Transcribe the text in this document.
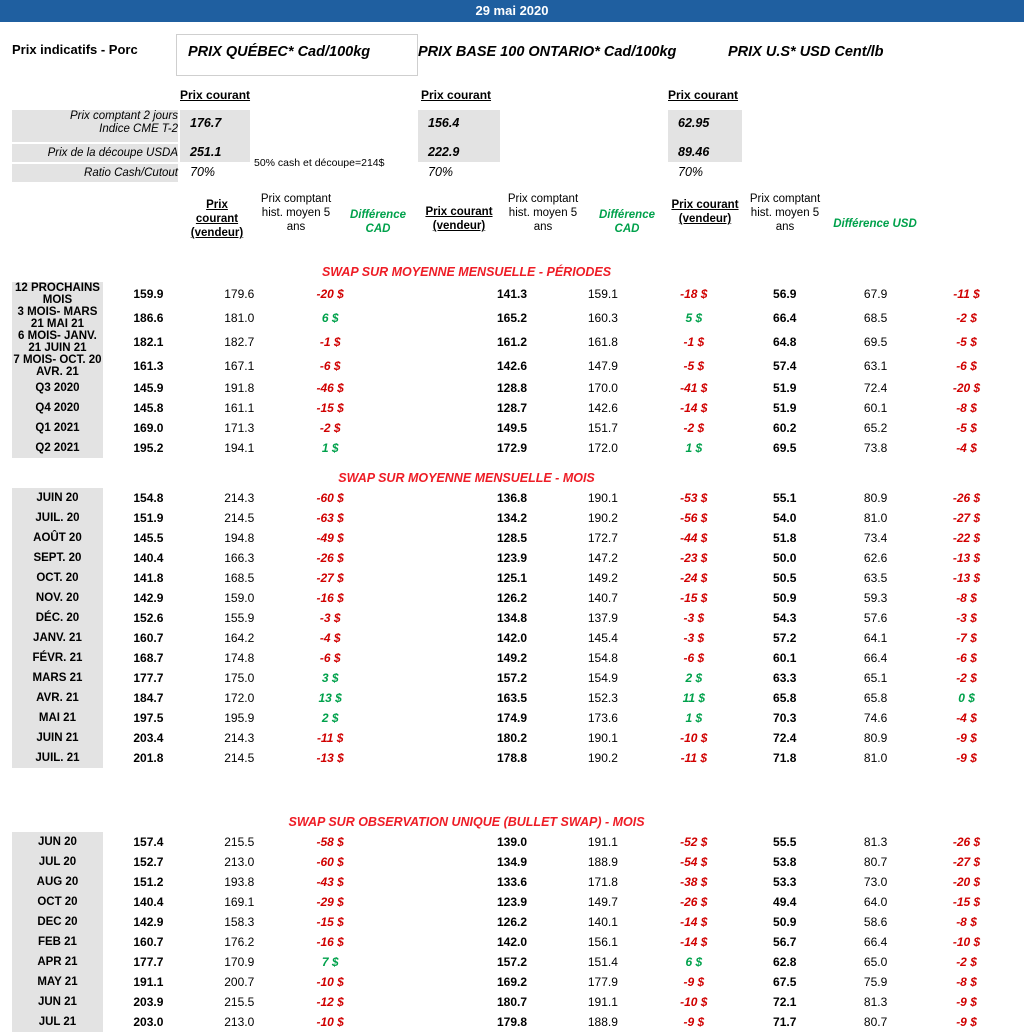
29 mai 2020
Prix indicatifs - Porc	PRIX QUÉBEC* Cad/100kg	PRIX BASE 100 ONTARIO* Cad/100kg	PRIX U.S* USD Cent/lb
Prix courant	Prix courant	Prix courant
Prix comptant 2 jours
Indice CME T-2 176.7	156.4	62.95
Prix de la découpe USDA 251.1	222.9	89.46
Ratio Cash/Cutout 70%	70%	70%
50% cash et découpe=214$
Prix courant (vendeur)
Prix comptant hist. moyen 5 ans
Différence CAD
Prix courant (vendeur)
Prix comptant hist. moyen 5 ans
Différence CAD
Prix courant (vendeur)
Prix comptant hist. moyen 5 ans	Différence USD
SWAP SUR MOYENNE MENSUELLE - PÉRIODES										
12 PROCHAINS MOIS	159.9	179.6	-20 $		141.3	159.1	-18 $	56.9	67.9	-11 $
3 MOIS- MARS 21 MAI 21	186.6	181.0	6 $		165.2	160.3	5 $	66.4	68.5	-2 $
6 MOIS- JANV. 21 JUIN 21	182.1	182.7	-1 $		161.2	161.8	-1 $	64.8	69.5	-5 $
7 MOIS- OCT. 20 AVR. 21	161.3	167.1	-6 $		142.6	147.9	-5 $	57.4	63.1	-6 $
Q3 2020	145.9	191.8	-46 $		128.8	170.0	-41 $	51.9	72.4	-20 $
Q4 2020	145.8	161.1	-15 $		128.7	142.6	-14 $	51.9	60.1	-8 $
Q1 2021	169.0	171.3	-2 $		149.5	151.7	-2 $	60.2	65.2	-5 $
Q2 2021	195.2	194.1	1 $		172.9	172.0	1 $	69.5	73.8	-4 $

SWAP SUR MOYENNE MENSUELLE - MOIS										
JUIN 20	154.8	214.3	-60 $		136.8	190.1	-53 $	55.1	80.9	-26 $
JUIL. 20	151.9	214.5	-63 $		134.2	190.2	-56 $	54.0	81.0	-27 $
AOÛT 20	145.5	194.8	-49 $		128.5	172.7	-44 $	51.8	73.4	-22 $
SEPT. 20	140.4	166.3	-26 $		123.9	147.2	-23 $	50.0	62.6	-13 $
OCT. 20	141.8	168.5	-27 $		125.1	149.2	-24 $	50.5	63.5	-13 $
NOV. 20	142.9	159.0	-16 $		126.2	140.7	-15 $	50.9	59.3	-8 $
DÉC. 20	152.6	155.9	-3 $		134.8	137.9	-3 $	54.3	57.6	-3 $
JANV. 21	160.7	164.2	-4 $		142.0	145.4	-3 $	57.2	64.1	-7 $
FÉVR. 21	168.7	174.8	-6 $		149.2	154.8	-6 $	60.1	66.4	-6 $
MARS 21	177.7	175.0	3 $		157.2	154.9	2 $	63.3	65.1	-2 $
AVR. 21	184.7	172.0	13 $		163.5	152.3	11 $	65.8	65.8	0 $
MAI 21	197.5	195.9	2 $		174.9	173.6	1 $	70.3	74.6	-4 $
JUIN 21	203.4	214.3	-11 $		180.2	190.1	-10 $	72.4	80.9	-9 $
JUIL. 21	201.8	214.5	-13 $		178.8	190.2	-11 $	71.8	81.0	-9 $

SWAP SUR OBSERVATION UNIQUE (BULLET SWAP) - MOIS										
JUN 20	157.4	215.5	-58 $		139.0	191.1	-52 $	55.5	81.3	-26 $
JUL 20	152.7	213.0	-60 $		134.9	188.9	-54 $	53.8	80.7	-27 $
AUG 20	151.2	193.8	-43 $		133.6	171.8	-38 $	53.3	73.0	-20 $
OCT 20	140.4	169.1	-29 $		123.9	149.7	-26 $	49.4	64.0	-15 $
DEC 20	142.9	158.3	-15 $		126.2	140.1	-14 $	50.9	58.6	-8 $
FEB 21	160.7	176.2	-16 $		142.0	156.1	-14 $	56.7	66.4	-10 $
APR 21	177.7	170.9	7 $		157.2	151.4	6 $	62.8	65.0	-2 $
MAY 21	191.1	200.7	-10 $		169.2	177.9	-9 $	67.5	75.9	-8 $
JUN 21	203.9	215.5	-12 $		180.7	191.1	-10 $	72.1	81.3	-9 $
JUL 21	203.0	213.0	-10 $		179.8	188.9	-9 $	71.7	80.7	-9 $
